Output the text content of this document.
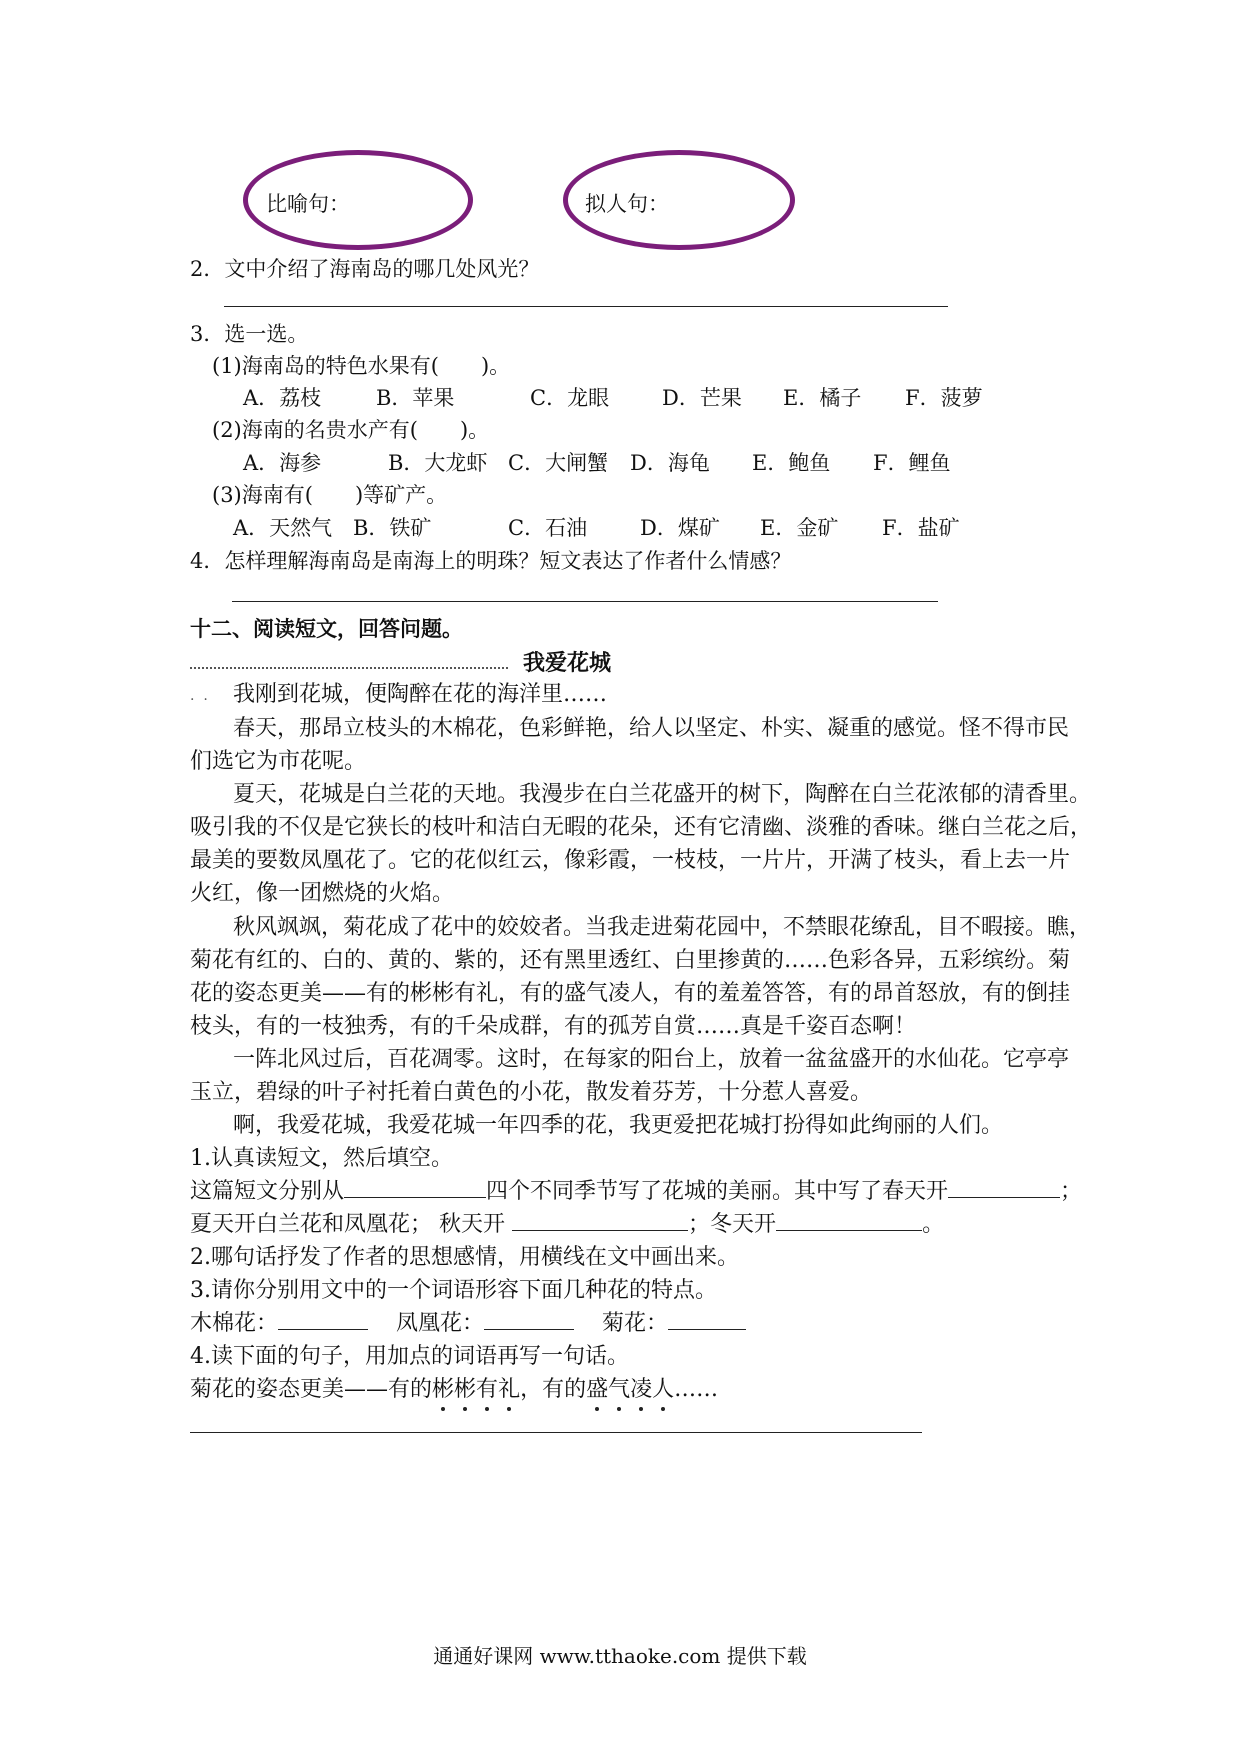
比喻句：	拟人句：
2．文中介绍了海南岛的哪几处风光？
3．选一选。
(1)海南岛的特色水果有(　　)。
A．荔枝	B．苹果	C．龙眼	D．芒果 E．橘子 F．菠萝
(2)海南的名贵水产有(　　)。
A．海参	B．大龙虾 C．大闸蟹 D．海龟 E．鲍鱼 F．鲤鱼
(3)海南有(　　)等矿产。
A．天然气 B．铁矿	C．石油	D．煤矿 E．金矿 F．盐矿
4．怎样理解海南岛是南海上的明珠？短文表达了作者什么情感？
十二、阅读短文，回答问题。
我爱花城
.  . 我刚到花城，便陶醉在花的海洋里……
春天，那昂立枝头的木棉花，色彩鲜艳，给人以坚定、朴实、凝重的感觉。怪不得市民
们选它为市花呢。
夏天，花城是白兰花的天地。我漫步在白兰花盛开的树下，陶醉在白兰花浓郁的清香里。
吸引我的不仅是它狭长的枝叶和洁白无暇的花朵，还有它清幽、淡雅的香味。继白兰花之后，
最美的要数凤凰花了。它的花似红云，像彩霞，一枝枝，一片片，开满了枝头，看上去一片
火红，像一团燃烧的火焰。
秋风飒飒，菊花成了花中的姣姣者。当我走进菊花园中，不禁眼花缭乱，目不暇接。瞧，
菊花有红的、白的、黄的、紫的，还有黑里透红、白里掺黄的……色彩各异，五彩缤纷。菊
花的姿态更美——有的彬彬有礼，有的盛气凌人，有的羞羞答答，有的昂首怒放，有的倒挂
枝头，有的一枝独秀，有的千朵成群，有的孤芳自赏……真是千姿百态啊！
一阵北风过后，百花凋零。这时，在每家的阳台上，放着一盆盆盛开的水仙花。它亭亭
玉立，碧绿的叶子衬托着白黄色的小花，散发着芬芳，十分惹人喜爱。
啊，我爱花城，我爱花城一年四季的花，我更爱把花城打扮得如此绚丽的人们。
1.认真读短文，然后填空。
这篇短文分别从	四个不同季节写了花城的美丽。其中写了春天开	；
夏天开白兰花和凤凰花； 秋天开	；冬天开	。
2.哪句话抒发了作者的思想感情，用横线在文中画出来。
3.请你分别用文中的一个词语形容下面几种花的特点。
木棉花：	凤凰花：	菊花：
4.读下面的句子，用加点的词语再写一句话。
菊花的姿态更美——有的彬彬有礼，有的盛气凌人……
通通好课网 www.tthaoke.com 提供下载
